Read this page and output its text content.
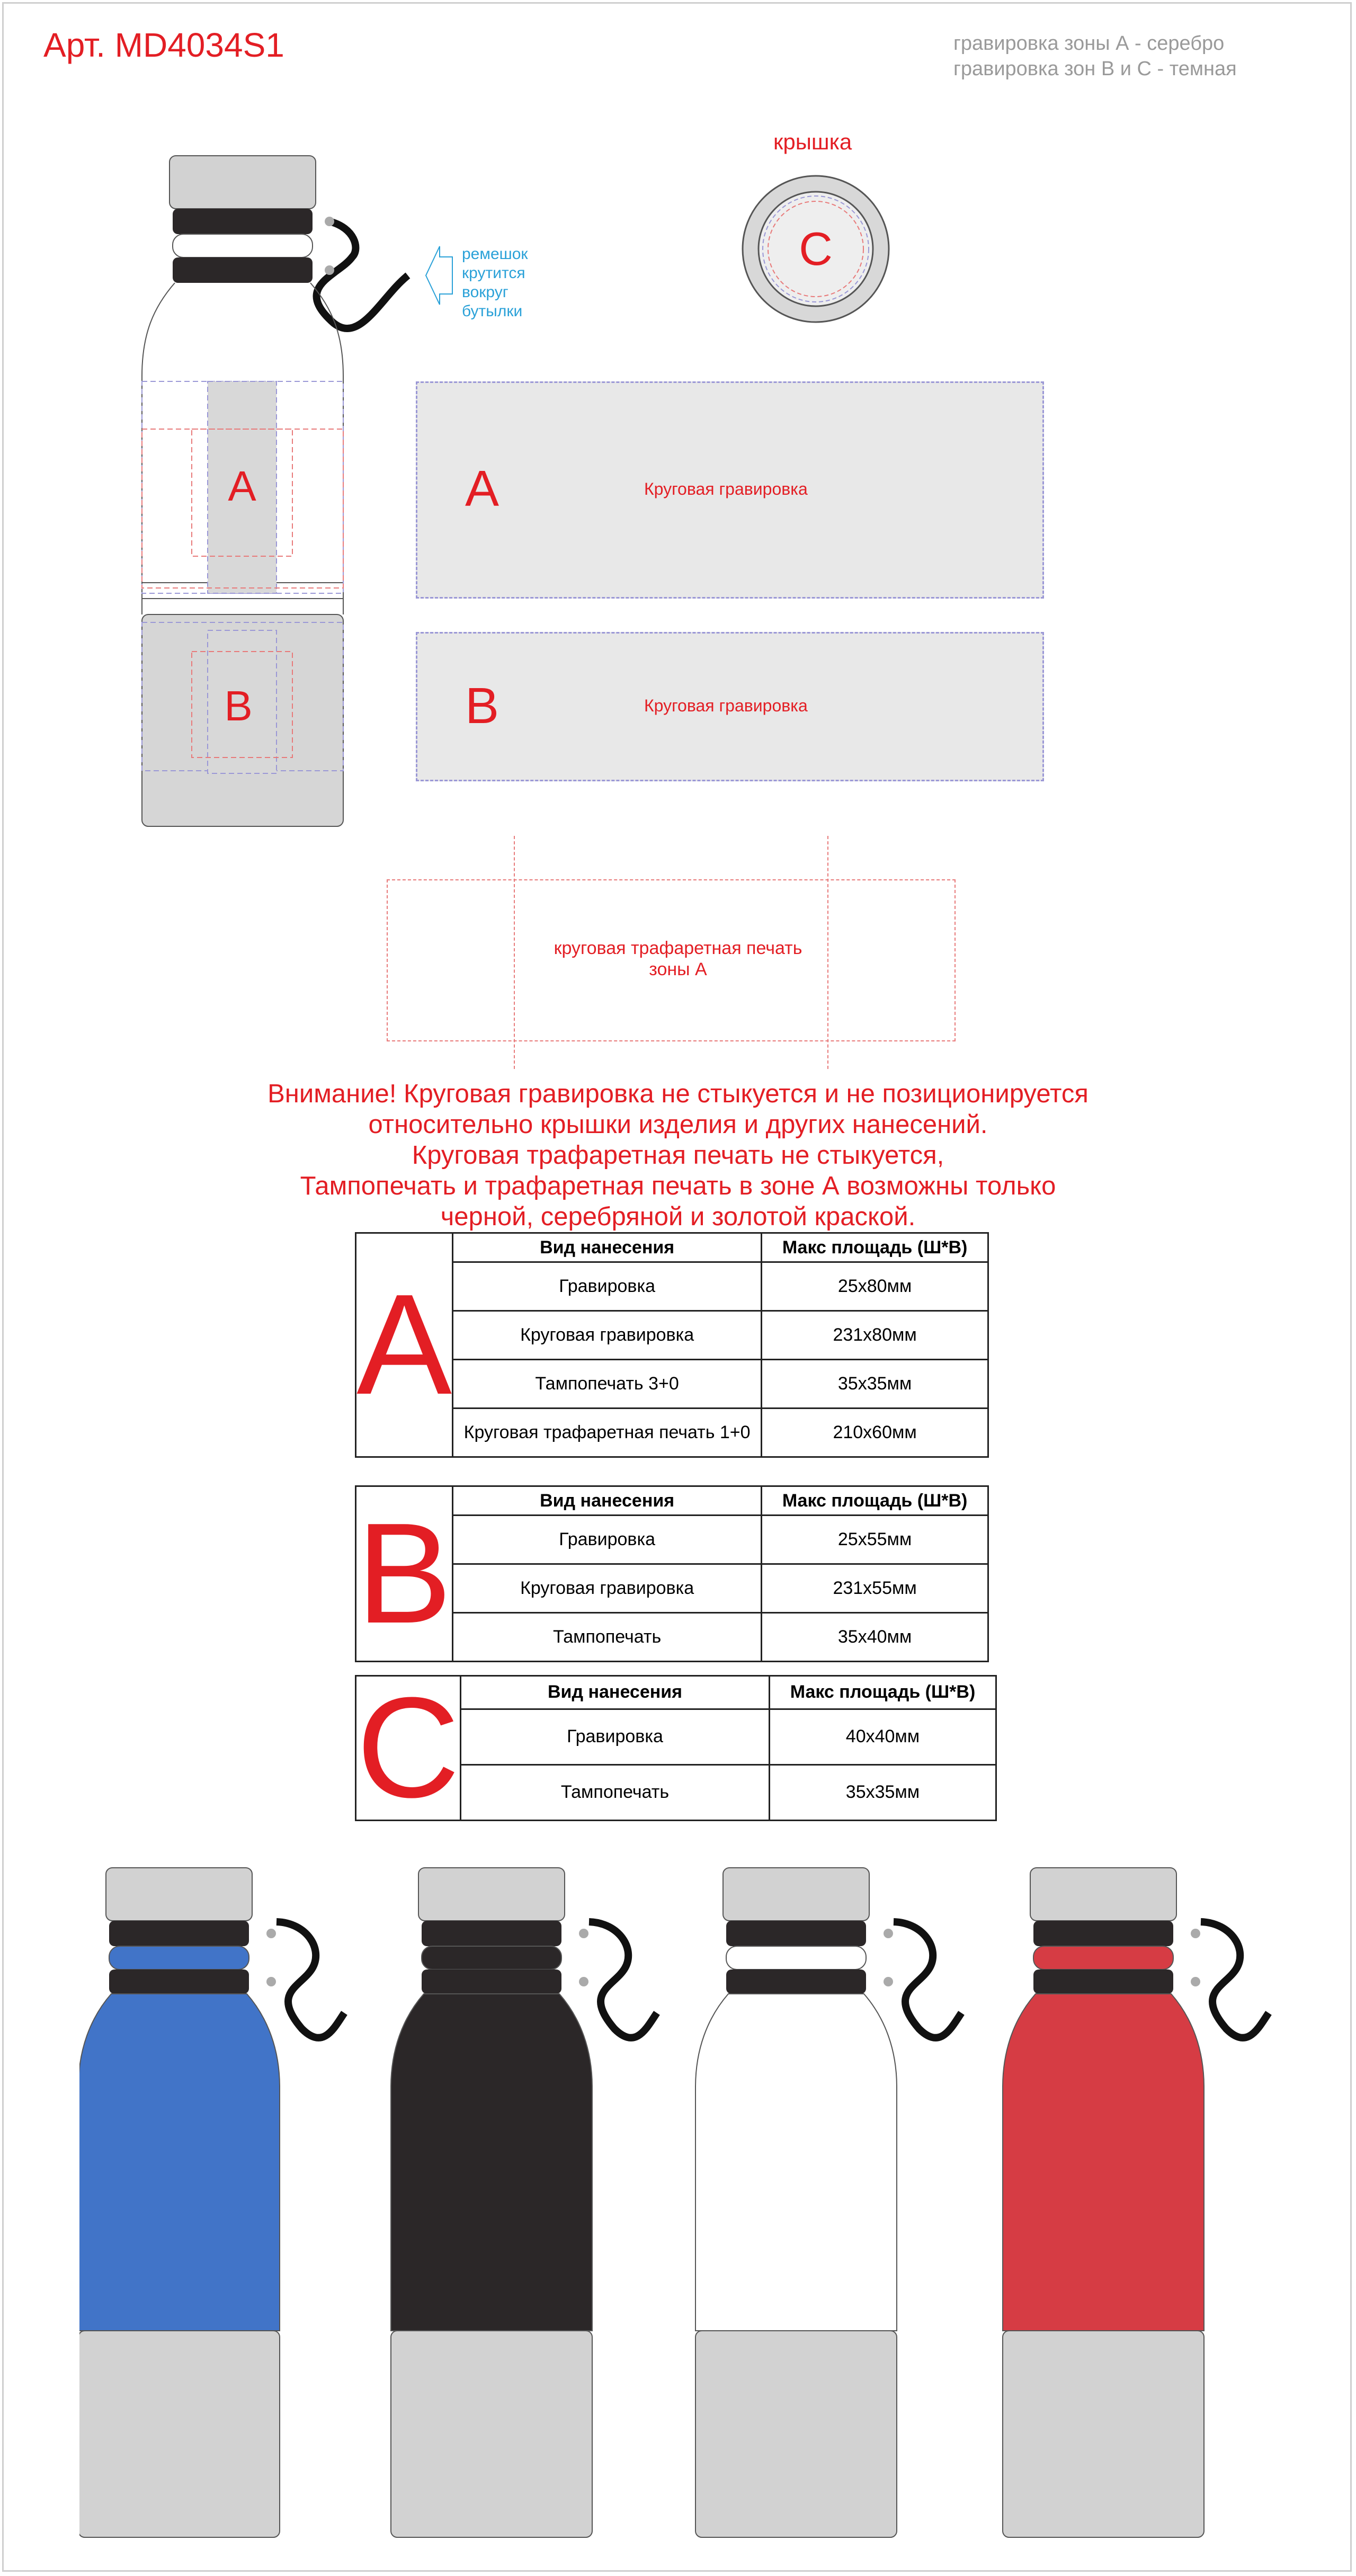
Арт. MD4034S1	гравировка зоны А - серебро
гравировка зон В и С - темная
A
B
ремешок
крутится
вокруг
бутылки
крышка
C
A	Круговая гравировка
B	Круговая гравировка
круговая трафаретная печать
зоны А
Внимание! Круговая гравировка не стыкуется и не позиционируется
относительно крышки изделия и других нанесений.
Круговая трафаретная печать не стыкуется,
Тампопечать и трафаретная печать в зоне А возможны только
черной, серебряной и золотой краской.
A	Вид нанесения	Макс площадь (Ш*В)
	Гравировка	25x80мм
	Круговая гравировка	231x80мм
	Тампопечать 3+0	35x35мм
	Круговая трафаретная печать 1+0	210x60мм
B	Вид нанесения	Макс площадь (Ш*В)
	Гравировка	25x55мм
	Круговая гравировка	231x55мм
	Тампопечать	35x40мм
C	Вид нанесения	Макс площадь (Ш*В)
	Гравировка	40x40мм
	Тампопечать	35x35мм
